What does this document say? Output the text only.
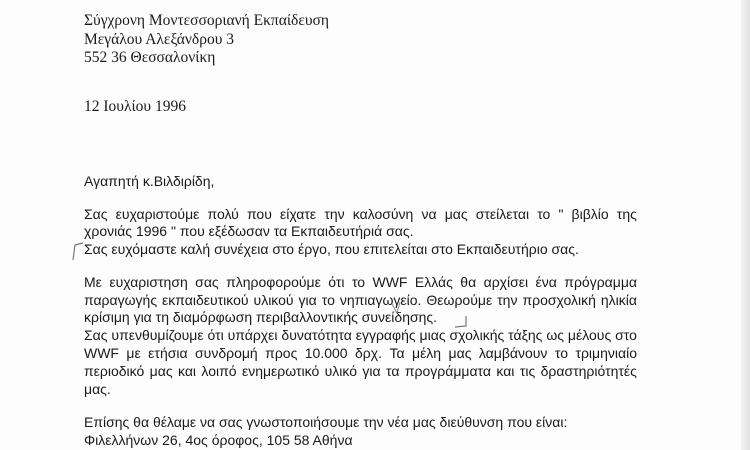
Σύγχρονη Μοντεσσοριανή Εκπαίδευση
Μεγάλου Αλεξάνδρου 3
552 36 Θεσσαλονίκη
12 Ιουλίου 1996
Αγαπητή κ.Βιλδιρίδη,
Σας ευχαριστούμε πολύ που είχατε την καλοσύνη να μας στείλεται το " βιβλίο της
χρονιάς 1996 " που εξέδωσαν τα Εκπαιδευτήριά σας.
Σας ευχόμαστε καλή συνέχεια στο έργο, που επιτελείται στο Εκπαιδευτήριο σας.
Με ευχαριστηση σας πληροφορούμε ότι το WWF Ελλάς θα αρχίσει ένα πρόγραμμα
παραγωγής εκπαιδευτικού υλικού για το νηπιαγωγείο. Θεωρούμε την προσχολική ηλικία
κρίσιμη για τη διαμόρφωση περιβαλλοντικής συνείδησης.
Σας υπενθυμίζουμε ότι υπάρχει δυνατότητα εγγραφής μιας σχολικής τάξης ως μέλους στο
WWF με ετήσια συνδρομή προς 10.000 δρχ. Τα μέλη μας λαμβάνουν το τριμηνιαίο
περιοδικό μας και λοιπό ενημερωτικό υλικό για τα προγράμματα και τις δραστηριότητές
μας.
Επίσης θα θέλαμε να σας γνωστοποιήσουμε την νέα μας διεύθυνση που είναι:
Φιλελλήνων 26, 4ος όροφος, 105 58 Αθήνα
